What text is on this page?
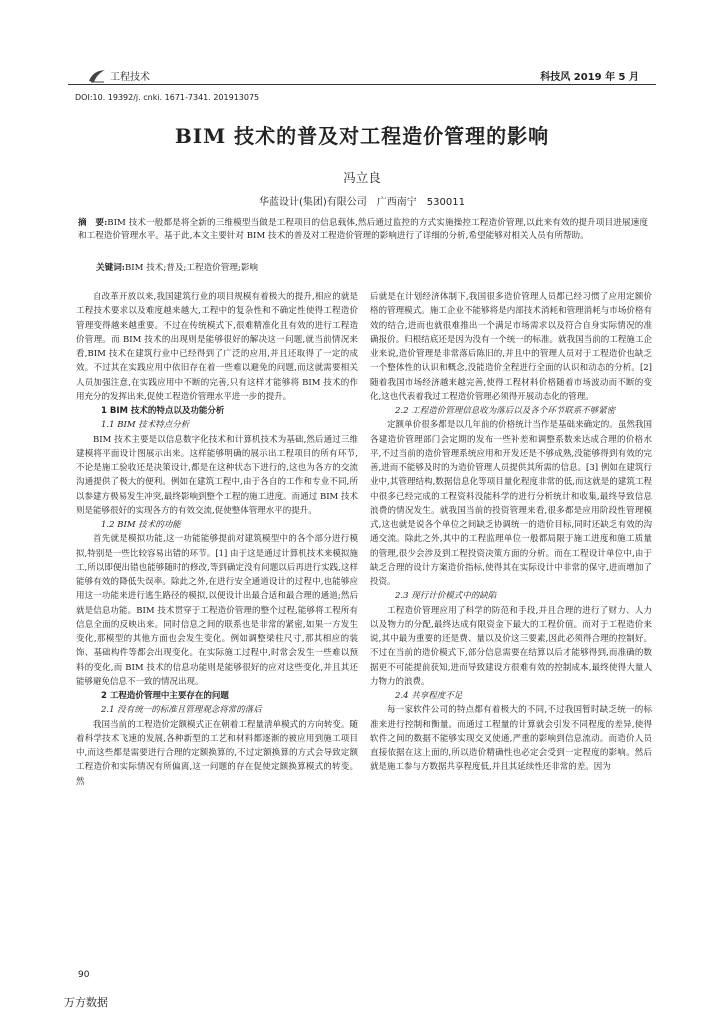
工程技术	科技风 2019 年 5 月
DOI:10. 19392/j. cnki. 1671-7341. 201913075
BIM 技术的普及对工程造价管理的影响
冯立良
华蓝设计(集团)有限公司　广西南宁　530011
摘　要:BIM 技术一般都是将全新的三维模型当做是工程项目的信息载体,然后通过监控的方式实施操控工程造价管理,以此来有效的提升项目进展速度和工程造价管理水平。基于此,本文主要针对 BIM 技术的普及对工程造价管理的影响进行了详细的分析,希望能够对相关人员有所帮助。
关键词:BIM 技术;普及;工程造价管理;影响

自改革开放以来,我国建筑行业的项目规模有着极大的提升,相应的就是工程技术要求以及难度越来越大,工程中的复杂性和不确定性使得工程造价管理变得越来越重要。不过在传统模式下,很难精准化且有效的进行工程造价管理。而 BIM 技术的出现则是能够很好的解决这一问题,就当前情况来看,BIM 技术在建筑行业中已经得到了广泛的应用,并且还取得了一定的成效。不过其在实践应用中依旧存在着一些难以避免的问题,而这就需要相关人员加强注意,在实践应用中不断的完善,只有这样才能够将 BIM 技术的作用充分的发挥出来,促使工程造价管理水平进一步的提升。

1 BIM 技术的特点以及功能分析

1.1 BIM 技术特点分析

BIM 技术主要是以信息数字化技术和计算机技术为基础,然后通过三维建模将平面设计图展示出来。这样能够明确的展示出工程项目的所有环节,不论是施工验收还是决策设计,都是在这种状态下进行的,这也为各方的交流沟通提供了极大的便利。例如在建筑工程中,由于各自的工作和专业不同,所以参建方极易发生冲突,最终影响到整个工程的施工进度。而通过 BIM 技术则是能够很好的实现各方的有效交流,促使整体管理水平的提升。

1.2 BIM 技术的功能

首先就是模拟功能,这一功能能够提前对建筑模型中的各个部分进行模拟,特别是一些比较容易出错的环节。[1] 由于这是通过计算机技术来模拟施工,所以即便出错也能够随时的修改,等到确定没有问题以后再进行实践,这样能够有效的降低失误率。除此之外,在进行安全通道设计的过程中,也能够应用这一功能来进行逃生路径的模拟,以便设计出最合适和最合理的通道;然后就是信息功能。BIM 技术贯穿于工程造价管理的整个过程,能够将工程所有信息全面的反映出来。同时信息之间的联系也是非常的紧密,如果一方发生变化,那模型的其他方面也会发生变化。例如调整梁柱尺寸,那其相应的装饰、基础构件等都会出现变化。在实际施工过程中,时常会发生一些难以预料的变化,而 BIM 技术的信息功能则是能够很好的应对这些变化,并且其还能够避免信息不一致的情况出现。

2 工程造价管理中主要存在的问题

2.1 没有统一的标准且管理观念将常的落后

我国当前的工程造价定额模式正在朝着工程量清单模式的方向转变。随着科学技术飞速的发展,各种新型的工艺和材料都逐渐的被应用到施工项目中,而这些都是需要进行合理的定额换算的,不过定额换算的方式会导致定额工程造价和实际情况有所偏离,这一问题的存在促使定额换算模式的转变。然

后就是在计划经济体制下,我国很多造价管理人员都已经习惯了应用定额价格的管理模式。施工企业不能够将是内部技术消耗和管理消耗与市场价格有效的结合,进而也就很难推出一个满足市场需求以及符合自身实际情况的准确报价。归根结底还是因为没有一个统一的标准。就我国当前的工程施工企业来说,造价管理是非常落后陈旧的,并且中的管理人员对于工程造价也缺乏一个整体性的认识和概念,没能造价全程进行全面的认识和动态的分析。[2] 随着我国市场经济越来越完善,使得工程材料价格随着市场波动而不断的变化,这也代表着我过工程造价管理必须得开展动态化的管理。

2.2 工程造价管理信息收为落后以及各个环节联系不够紧密

定额单价很多都是以几年前的价格统计当作是基础来确定的。虽然我国各建造价管理部门会定期的发布一些补差和调整系数来达成合理的价格水平,不过当前的造价管理系统应用和开发还是不够成熟,没能够得到有效的完善,进而不能够及时的为造价管理人员提供其所需的信息。[3] 例如在建筑行业中,其管理结构,数据信息化等项目量化程度非常的低,而这就是的建筑工程中很多已经完成的工程资料没能科学的进行分析统计和收集,最终导致信息浪费的情况发生。就我国当前的投资管理来看,很多都是应用阶段性管理模式,这也就是说各个单位之间缺乏协调统一的造价目标,同时还缺乏有效的沟通交流。除此之外,其中的工程监理单位一般都局限于施工进度和施工质量的管理,很少会涉及到工程投资决策方面的分析。而在工程设计单位中,由于缺乏合理的设计方案造价指标,使得其在实际设计中非常的保守,进而增加了投资。

2.3 现行计价模式中的缺陷

工程造价管理应用了科学的防范和手段,并且合理的进行了财力、人力以及物力的分配,最终达成有限资金下最大的工程价值。而对于工程造价来说,其中最为重要的还是费、量以及价这三要素,因此必须得合理的控制好。不过在当前的造价模式下,部分信息需要在结算以后才能够得到,而准确的数据更不可能提前获知,进而导致建设方很难有效的控制成本,最终使得大量人力物力的浪费。

2.4 共享程度不足

每一家软件公司的特点都有着极大的不同,不过我国暂时缺乏统一的标准来进行控制和衡量。而通过工程量的计算就会引发不同程度的差异,使得软件之间的数据不能够实现交叉使通,严重的影响到信息流动。而造价人员直接依据在这上面的,所以造价精确性也必定会受到一定程度的影响。然后就是施工参与方数据共享程度低,并且其延续性还非常的差。因为

90
万方数据
